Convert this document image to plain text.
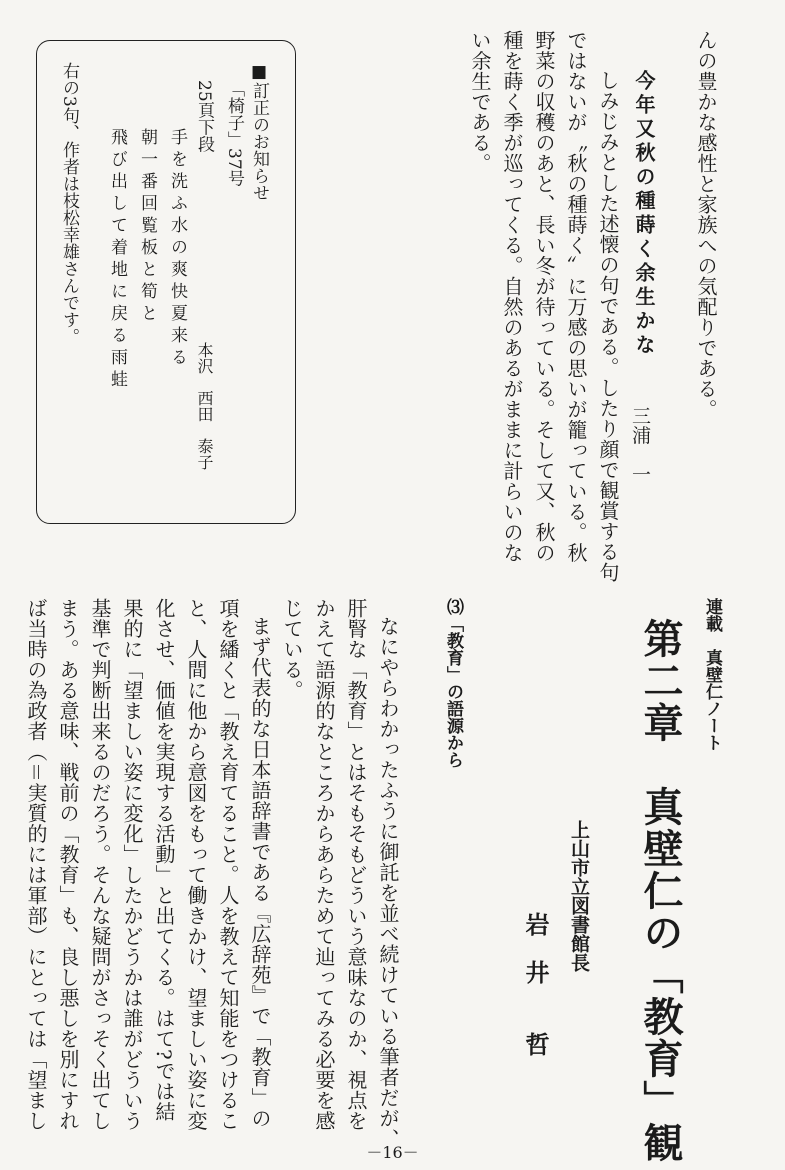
んの豊かな感性と家族への気配りである。
今年又秋の種蒔く余生かな
三浦　一
しみじみとした述懐の句である。したり顔で観賞する句
ではないが〝秋の種蒔く〟に万感の思いが籠っている。秋
野菜の収穫のあと、長い冬が待っている。そして又、秋の
種を蒔く季が巡ってくる。自然のあるがままに計らいのな
い余生である。
■訂正のお知らせ
「椅子」37号
25頁下段
手を洗ふ水の爽快夏来る
本沢　西田　泰子
朝一番回覧板と筍と
飛び出して着地に戻る雨蛙
右の3句、作者は枝松幸雄さんです。
連載　真壁仁ノート
第二章　真壁仁の「教育」観
上山市立図書館長
岩　井　　哲
⑶「教育」の語源から
なにやらわかったふうに御託を並べ続けている筆者だが、
肝腎な「教育」とはそもそもどういう意味なのか、視点を
かえて語源的なところからあらためて辿ってみる必要を感
じている。
まず代表的な日本語辞書である『広辞苑』で「教育」の
項を繙くと「教え育てること。人を教えて知能をつけるこ
と、人間に他から意図をもって働きかけ、望ましい姿に変
化させ、価値を実現する活動」と出てくる。はて?では結
果的に「望ましい姿に変化」したかどうかは誰がどういう
基準で判断出来るのだろう。そんな疑問がさっそく出てし
まう。ある意味、戦前の「教育」も、良し悪しを別にすれ
ば当時の為政者（＝実質的には軍部）にとっては「望まし
－16－
